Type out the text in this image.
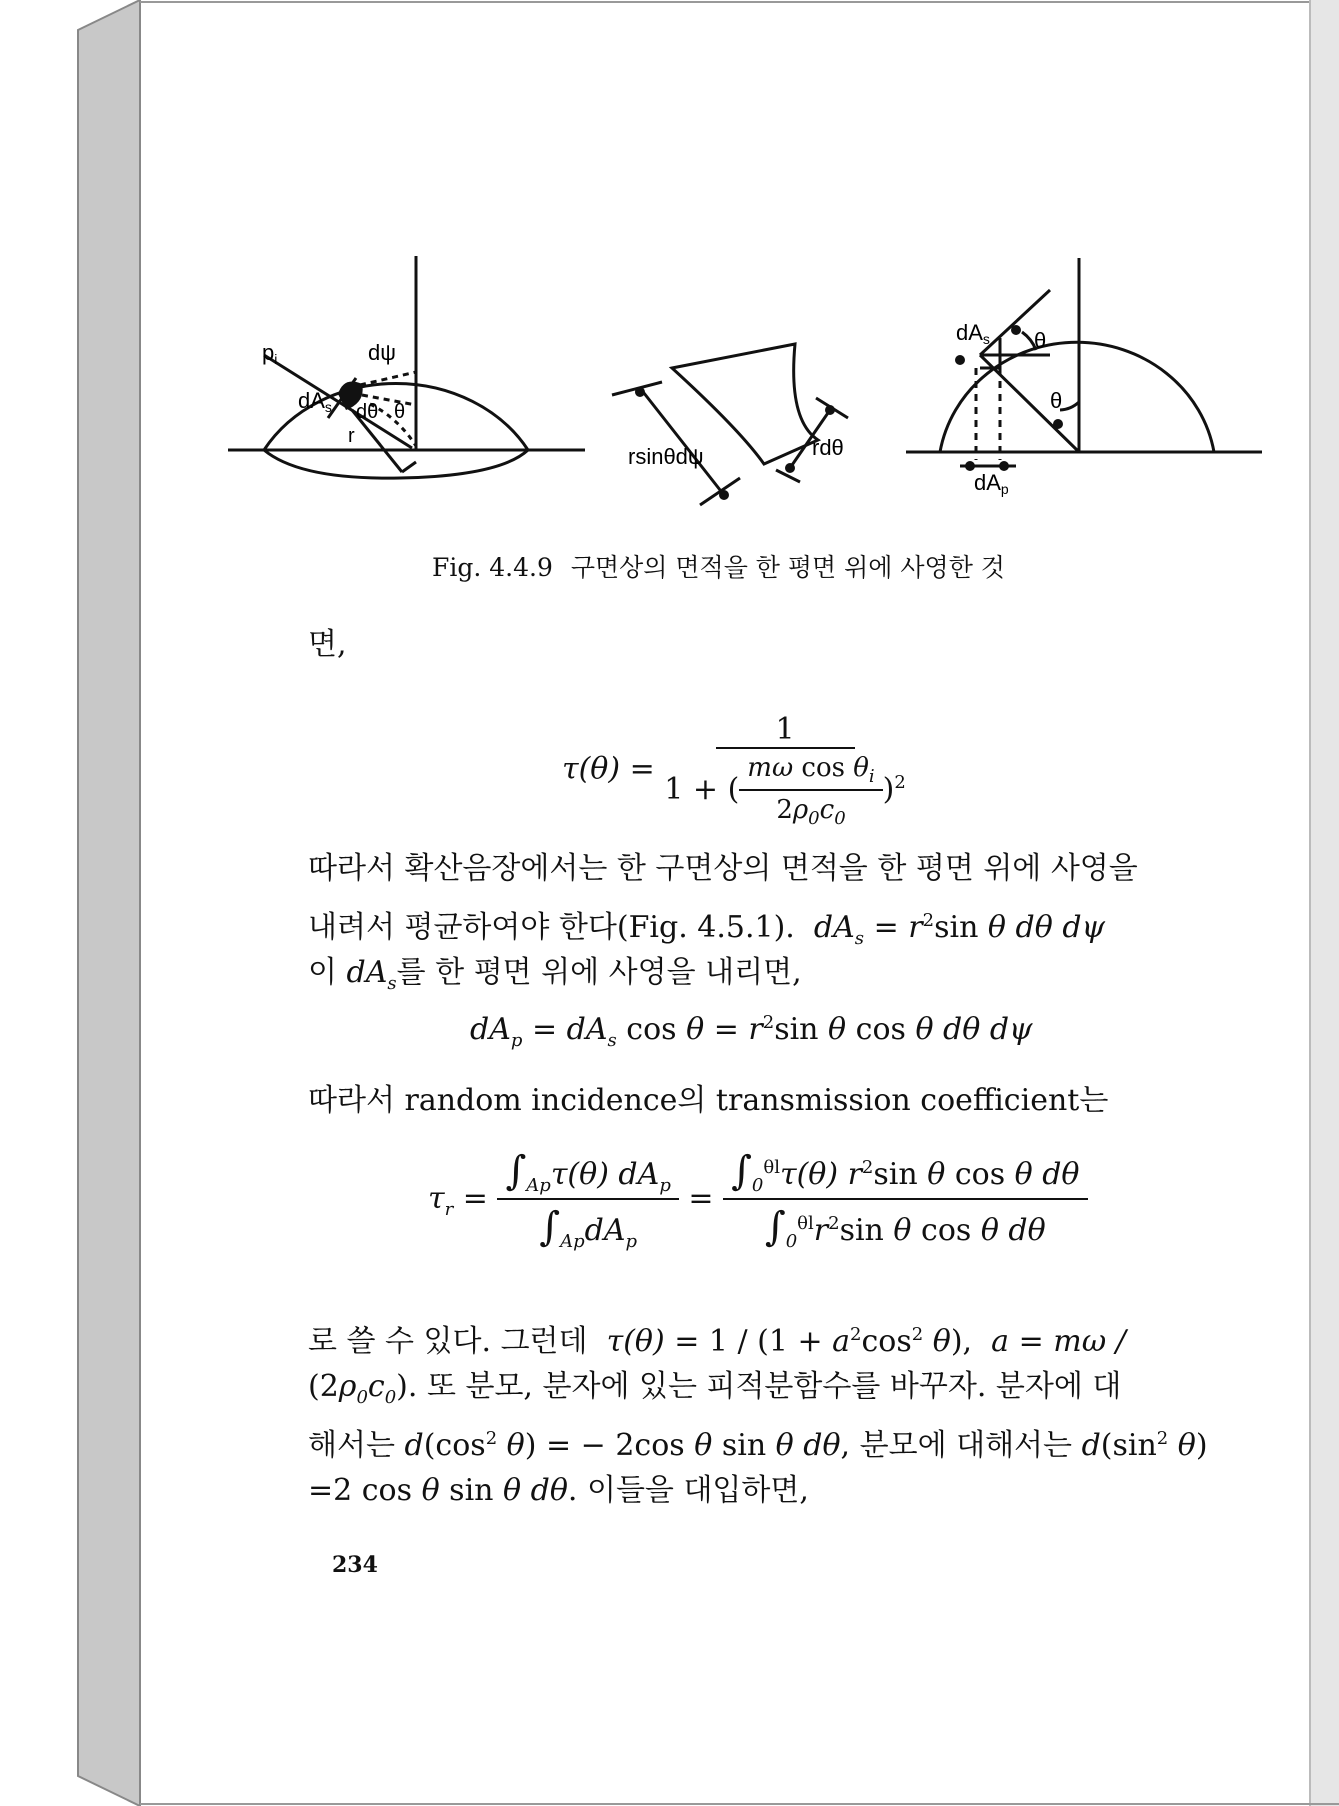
pi	dψ
dAs dθ θ
r
rsinθdψ	rdθ
dAs θ
θ
dAp
Fig. 4.4.9 구면상의 면적을 한 평면 위에 사영한 것
면,
$\tau(\theta) = \frac{1}{1 + ( \frac{m\omega \cos \theta_i}{2\rho_0c_0} )^2}$
따라서 확산음장에서는 한 구면상의 면적을 한 평면 위에 사영을
내려서 평균하여야 한다(Fig. 4.5.1). $dA_s = r^2\sin$ θ dθ dψ
이 $dA_s$를 한 평면 위에 사영을 내리면,
$dA_p = dA_s$ $\cos \theta = r^2\sin$ θ cos θ dθ dψ
따라서 random incidence의 transmission coefficient는
$\tau_r = \frac{\int_{Ap}\tau(\theta) dA_p}{\int_{Ap}dA_p} = \frac{\int_0^{\theta l}\tau(\theta) r^2\sin \theta \cos \theta d\theta}{\int_0^{\theta l}r^2\sin \theta \cos \theta d\theta}$
로 쓸 수 있다. 그런데 $\tau(\theta) = 1 / (1 + a^2\cos^2$ θ),  a = mω /
$(2\rho_0c_0)$. 또 분모, 분자에 있는 피적분함수를 바꾸자. 분자에 대
해서는 $d(\cos^2$ θ) = − 2cos θ sin θ dθ, 분모에 대해서는 $d(\sin^2$ θ)
=2 cos θ sin θ dθ. 이들을 대입하면,
234
